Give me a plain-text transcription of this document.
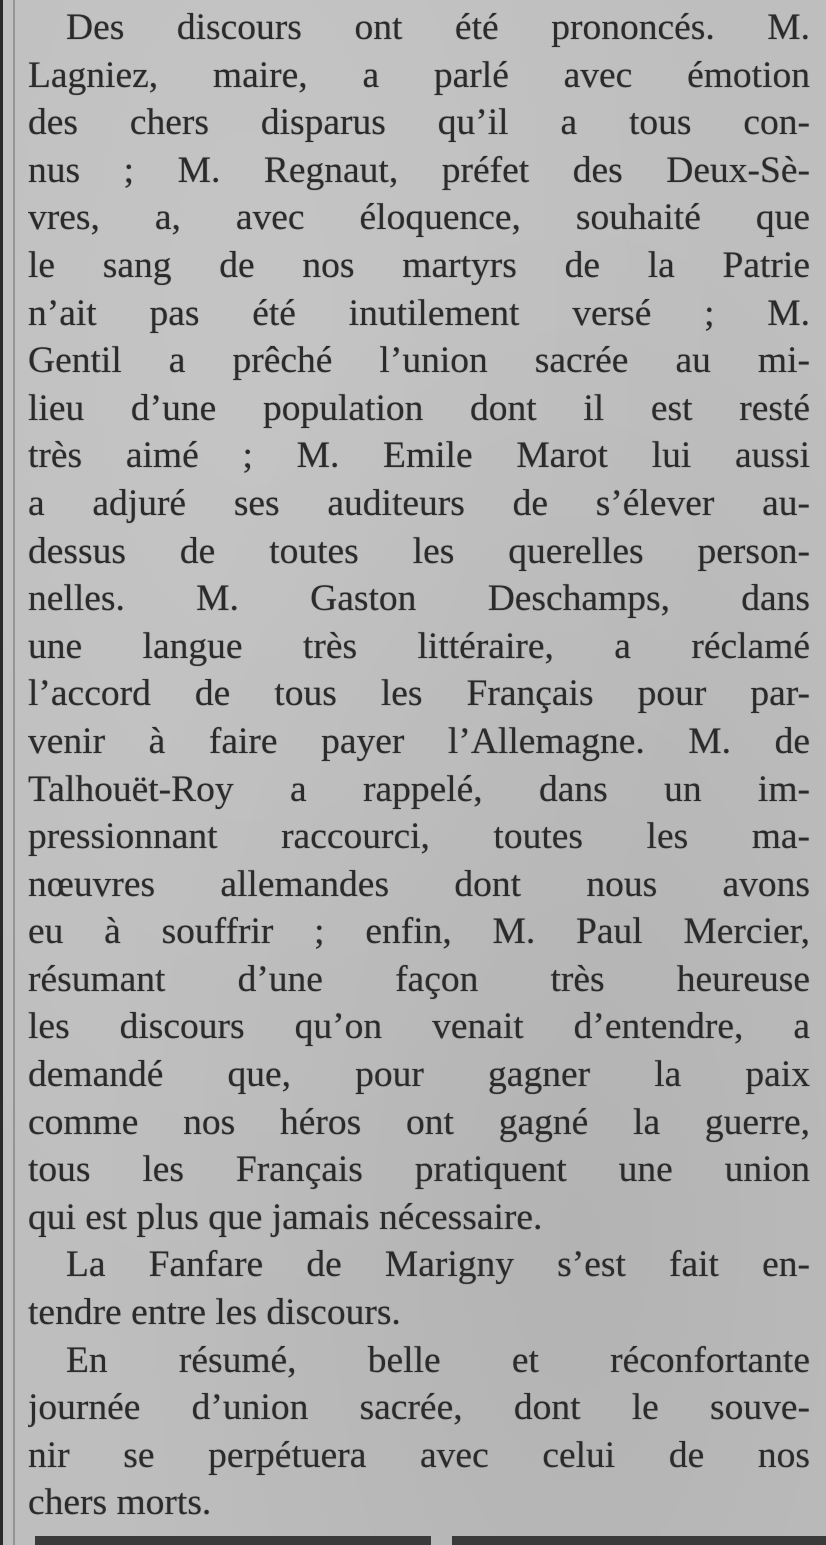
Des discours ont été prononcés. M.
Lagniez, maire, a parlé avec émotion
des chers disparus qu’il a tous con-
nus ; M. Regnaut, préfet des Deux-Sè-
vres, a, avec éloquence, souhaité que
le sang de nos martyrs de la Patrie
n’ait pas été inutilement versé ; M.
Gentil a prêché l’union sacrée au mi-
lieu d’une population dont il est resté
très aimé ; M. Emile Marot lui aussi
a adjuré ses auditeurs de s’élever au-
dessus de toutes les querelles person-
nelles. M. Gaston Deschamps, dans
une langue très littéraire, a réclamé
l’accord de tous les Français pour par-
venir à faire payer l’Allemagne. M. de
Talhouët-Roy a rappelé, dans un im-
pressionnant raccourci, toutes les ma-
nœuvres allemandes dont nous avons
eu à souffrir ; enfin, M. Paul Mercier,
résumant d’une façon très heureuse
les discours qu’on venait d’entendre, a
demandé que, pour gagner la paix
comme nos héros ont gagné la guerre,
tous les Français pratiquent une union
qui est plus que jamais nécessaire.
La Fanfare de Marigny s’est fait en-
tendre entre les discours.
En résumé, belle et réconfortante
journée d’union sacrée, dont le souve-
nir se perpétuera avec celui de nos
chers morts.
